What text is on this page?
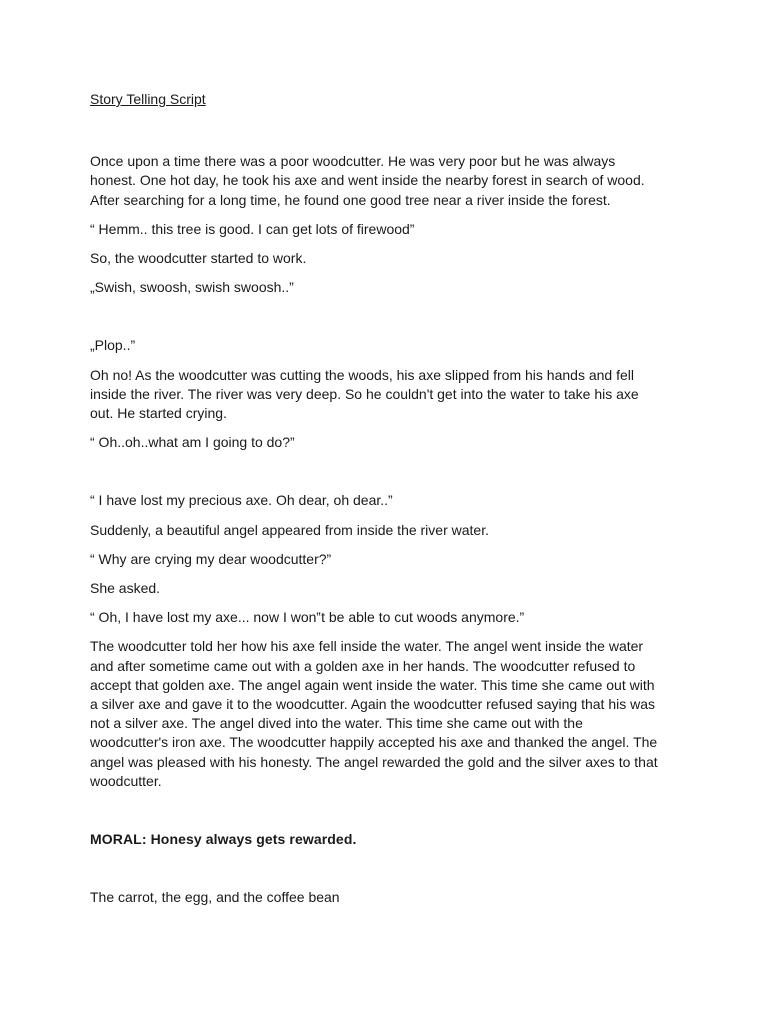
Story Telling Script

Once upon a time there was a poor woodcutter. He was very poor but he was always honest. One hot day, he took his axe and went inside the nearby forest in search of wood. After searching for a long time, he found one good tree near a river inside the forest.

“ Hemm.. this tree is good. I can get lots of firewood”

So, the woodcutter started to work.

„Swish, swoosh, swish swoosh..”

„Plop..”

Oh no! As the woodcutter was cutting the woods, his axe slipped from his hands and fell inside the river. The river was very deep. So he couldn't get into the water to take his axe out. He started crying.

“ Oh..oh..what am I going to do?”

“ I have lost my precious axe. Oh dear, oh dear..”

Suddenly, a beautiful angel appeared from inside the river water.

“ Why are crying my dear woodcutter?”

She asked.

“ Oh, I have lost my axe... now I won‟t be able to cut woods anymore.”

The woodcutter told her how his axe fell inside the water. The angel went inside the water and after sometime came out with a golden axe in her hands. The woodcutter refused to accept that golden axe. The angel again went inside the water. This time she came out with a silver axe and gave it to the woodcutter. Again the woodcutter refused saying that his was not a silver axe. The angel dived into the water. This time she came out with the woodcutter's iron axe. The woodcutter happily accepted his axe and thanked the angel. The angel was pleased with his honesty. The angel rewarded the gold and the silver axes to that woodcutter.

MORAL: Honesy always gets rewarded.

The carrot, the egg, and the coffee bean
